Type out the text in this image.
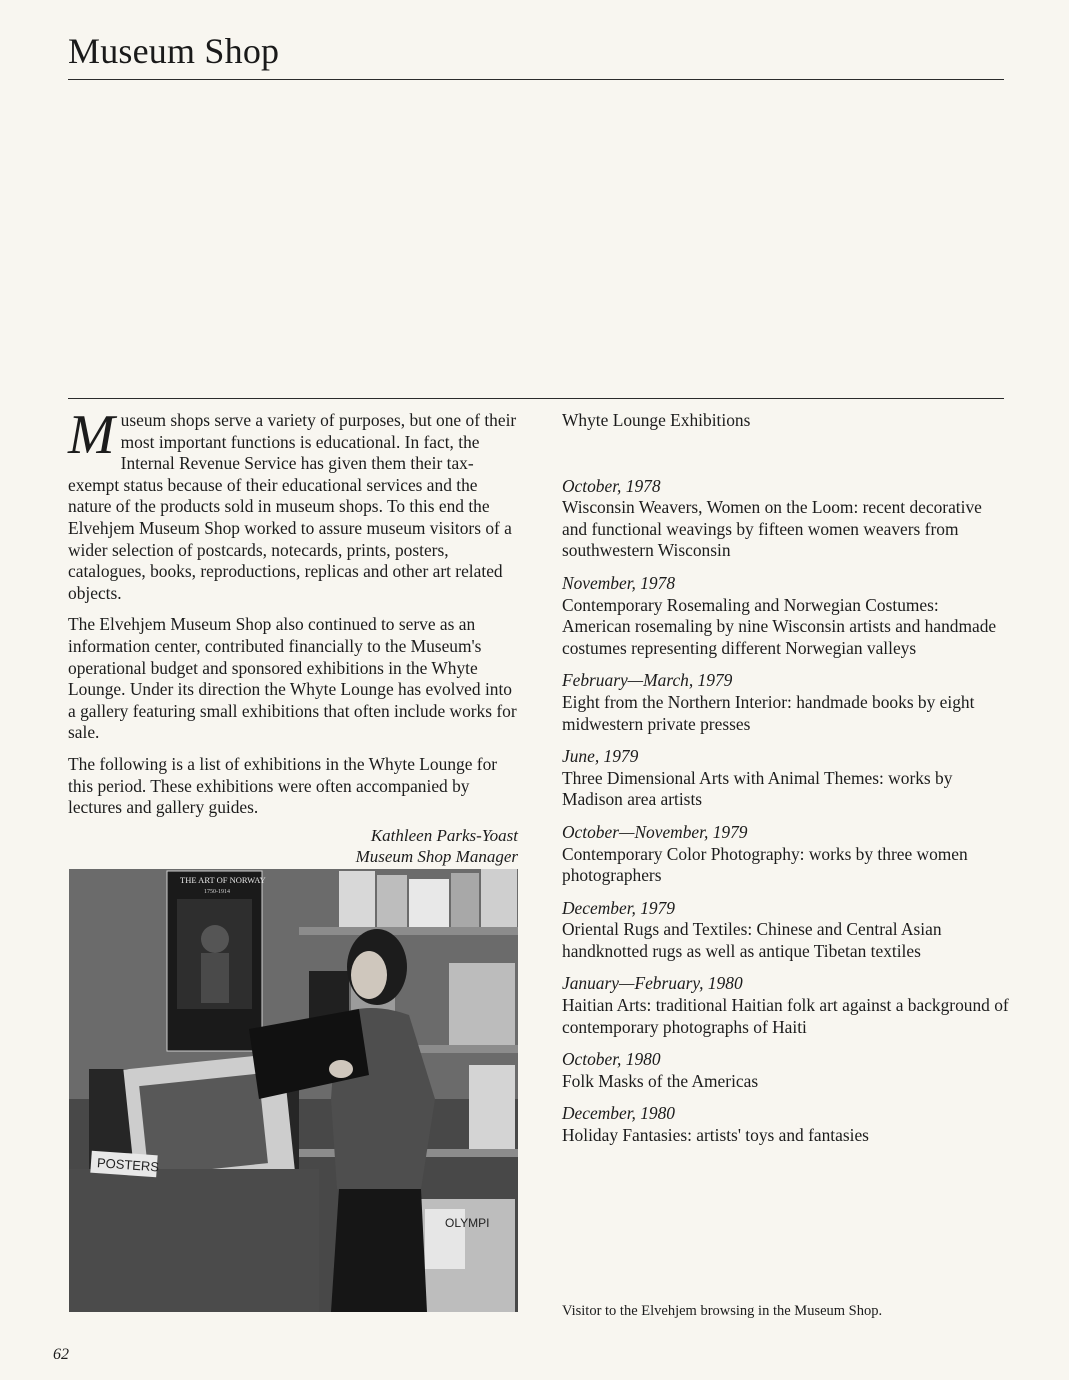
Museum Shop

Museum shops serve a variety of purposes, but one of their most important functions is educational. In fact, the Internal Revenue Service has given them their tax-exempt status because of their educational services and the nature of the products sold in museum shops. To this end the Elvehjem Museum Shop worked to assure museum visitors of a wider selection of postcards, notecards, prints, posters, catalogues, books, reproductions, replicas and other art related objects.

The Elvehjem Museum Shop also continued to serve as an information center, contributed financially to the Museum's operational budget and sponsored exhibitions in the Whyte Lounge. Under its direction the Whyte Lounge has evolved into a gallery featuring small exhibitions that often include works for sale.

The following is a list of exhibitions in the Whyte Lounge for this period. These exhibitions were often accompanied by lectures and gallery guides.

Kathleen Parks-Yoast
Museum Shop Manager
THE ART OF NORWAY
1750-1914
OLYMPI
POSTERS

Whyte Lounge Exhibitions

October, 1978
Wisconsin Weavers, Women on the Loom: recent decorative and functional weavings by fifteen women weavers from southwestern Wisconsin
November, 1978
Contemporary Rosemaling and Norwegian Costumes: American rosemaling by nine Wisconsin artists and handmade costumes representing different Norwegian valleys
February—March, 1979
Eight from the Northern Interior: handmade books by eight midwestern private presses
June, 1979
Three Dimensional Arts with Animal Themes: works by Madison area artists
October—November, 1979
Contemporary Color Photography: works by three women photographers
December, 1979
Oriental Rugs and Textiles: Chinese and Central Asian handknotted rugs as well as antique Tibetan textiles
January—February, 1980
Haitian Arts: traditional Haitian folk art against a background of contemporary photographs of Haiti
October, 1980
Folk Masks of the Americas
December, 1980
Holiday Fantasies: artists' toys and fantasies
Visitor to the Elvehjem browsing in the Museum Shop.
62
